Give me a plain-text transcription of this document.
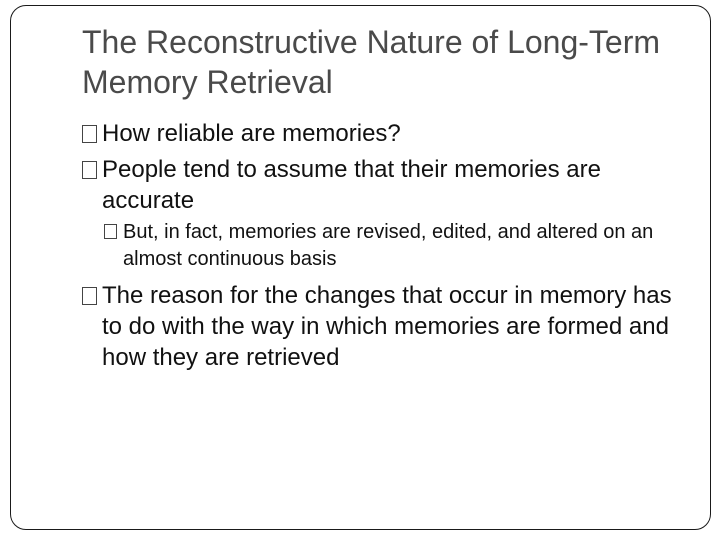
The Reconstructive Nature of Long-Term Memory Retrieval
How reliable are memories?
People tend to assume that their memories are accurate
But, in fact, memories are revised, edited, and altered on an almost continuous basis
The reason for the changes that occur in memory has to do with the way in which memories are formed and how they are retrieved
